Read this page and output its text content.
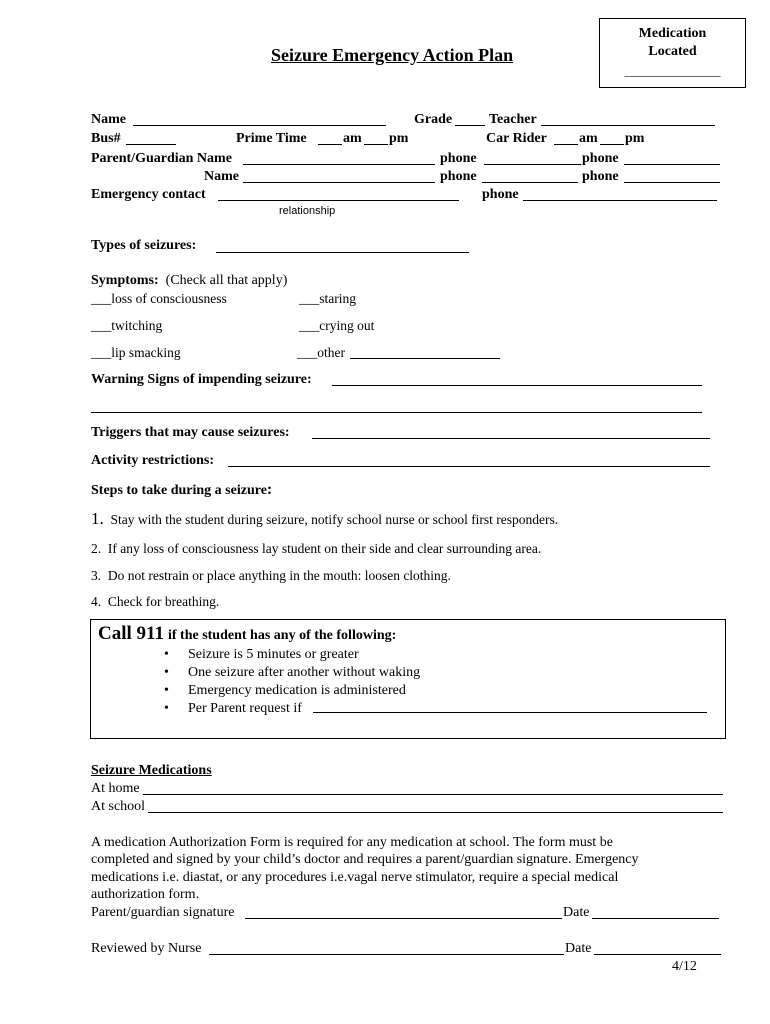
Medication
Located
________________
Seizure Emergency Action Plan
Name	Grade	Teacher
Bus#	Prime Time	am pm	Car Rider am pm
Parent/Guardian Name	phone	phone
Name	phone	phone
Emergency contact	phone
relationship
Types of seizures:
Symptoms: (Check all that apply)
___loss of consciousness	___staring
___twitching	___crying out
___lip smacking	___other
Warning Signs of impending seizure:
Triggers that may cause seizures:
Activity restrictions:
Steps to take during a seizure:
1. Stay with the student during seizure, notify school nurse or school first responders.
2. If any loss of consciousness lay student on their side and clear surrounding area.
3. Do not restrain or place anything in the mouth: loosen clothing.
4. Check for breathing.
Call 911 if the student has any of the following:
• Seizure is 5 minutes or greater
• One seizure after another without waking
• Emergency medication is administered
• Per Parent request if
Seizure Medications
At home
At school
A medication Authorization Form is required for any medication at school. The form must be
completed and signed by your child’s doctor and requires a parent/guardian signature. Emergency
medications i.e. diastat, or any procedures i.e.vagal nerve stimulator, require a special medical
authorization form.
Parent/guardian signature	Date
Reviewed by Nurse	Date
4/12
